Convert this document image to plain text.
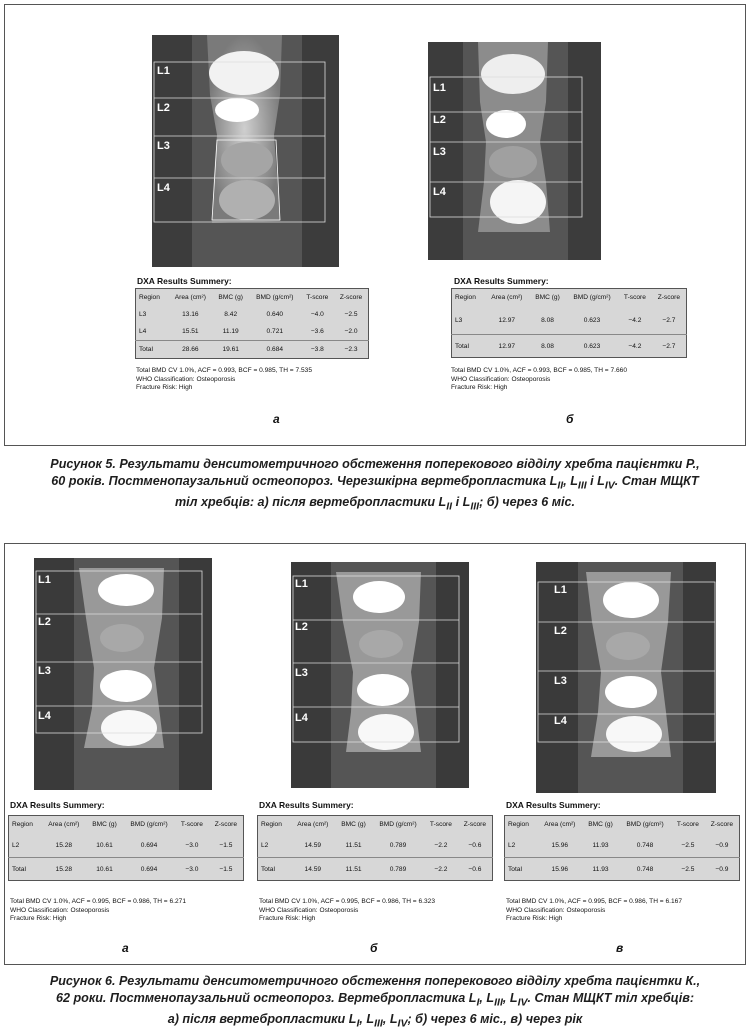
L1
L2
L3
L4
DXA Results Summery:
Region	Area (cm²)	BMC (g)	BMD (g/cm²)	T-score	Z-score
L3	13.16	8.42	0.640	−4.0	−2.5
L4	15.51	11.19	0.721	−3.6	−2.0
Total	28.66	19.61	0.684	−3.8	−2.3
Total BMD CV 1.0%, ACF = 0.993, BCF = 0.985, TH = 7.535
WHO Classification: Osteoporosis
Fracture Risk: High
а
L1
L2
L3
L4
DXA Results Summery:
Region	Area (cm²)	BMC (g)	BMD (g/cm²)	T-score	Z-score
L3	12.97	8.08	0.623	−4.2	−2.7
Total	12.97	8.08	0.623	−4.2	−2.7
Total BMD CV 1.0%, ACF = 0.993, BCF = 0.985, TH = 7.660
WHO Classification: Osteoporosis
Fracture Risk: High
б
Рисунок 5. Результати денситометричного обстеження поперекового відділу хребта пацієнтки Р.,
60 років. Постменопаузальний остеопороз. Черезшкірна вертебропластика $L_{II}$, $L_{III}$ і $L_{IV}$. Стан МЩКТ
тіл хребців: а) після вертебропластики $L_{II}$ і $L_{III}$; б) через 6 міс.
L1
L2
L3
L4
DXA Results Summery:
Region	Area (cm²)	BMC (g)	BMD (g/cm²)	T-score	Z-score
L2	15.28	10.61	0.694	−3.0	−1.5
Total	15.28	10.61	0.694	−3.0	−1.5
Total BMD CV 1.0%, ACF = 0.995, BCF = 0.986, TH = 6.271
WHO Classification: Osteoporosis
Fracture Risk: High
а
L1
L2
L3
L4
DXA Results Summery:
Region	Area (cm²)	BMC (g)	BMD (g/cm²)	T-score	Z-score
L2	14.59	11.51	0.789	−2.2	−0.6
Total	14.59	11.51	0.789	−2.2	−0.6
Total BMD CV 1.0%, ACF = 0.995, BCF = 0.986, TH = 6.323
WHO Classification: Osteoporosis
Fracture Risk: High
б
L1
L2
L3
L4
DXA Results Summery:
Region	Area (cm²)	BMC (g)	BMD (g/cm²)	T-score	Z-score
L2	15.96	11.93	0.748	−2.5	−0.9
Total	15.96	11.93	0.748	−2.5	−0.9
Total BMD CV 1.0%, ACF = 0.995, BCF = 0.986, TH = 6.167
WHO Classification: Osteoporosis
Fracture Risk: High
в
Рисунок 6. Результати денситометричного обстеження поперекового відділу хребта пацієнтки К.,
62 роки. Постменопаузальний остеопороз. Вертебропластика $L_I$, $L_{III}$, $L_{IV}$. Стан МЩКТ тіл хребців:
а) після вертебропластики $L_I$, $L_{III}$, $L_{IV}$; б) через 6 міс., в) через рік
